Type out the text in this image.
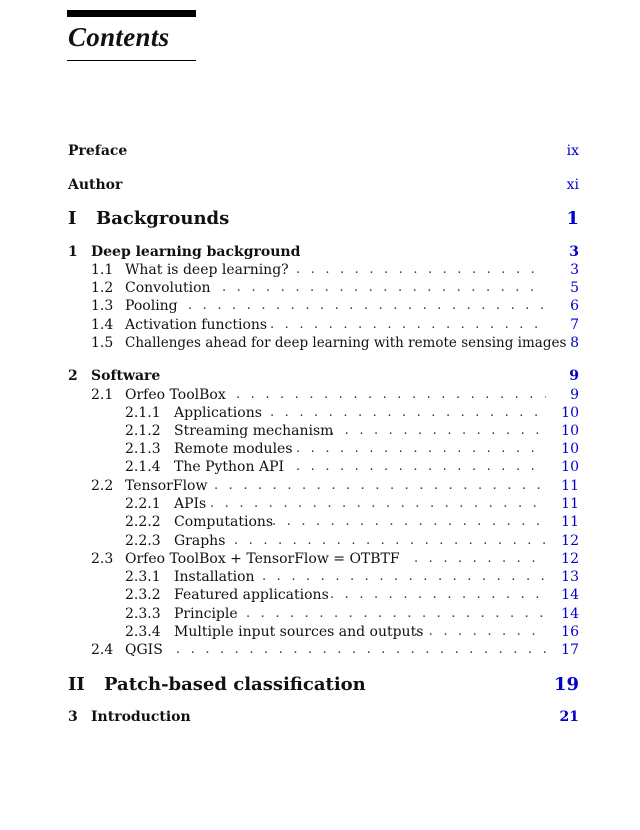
Contents
Preface	ix
Author	xi
I Backgrounds	1
1 Deep learning background	3
1.1 What is deep learning? . . .	3
1.2 Convolution . . .	5
1.3 Pooling . . .	6
1.4 Activation functions . . .	7
1.5 Challenges ahead for deep learning with remote sensing images 8
2 Software	9
2.1 Orfeo ToolBox . . .	9
2.1.1 Applications . . .	10
2.1.2 Streaming mechanism . . .	10
2.1.3 Remote modules . . .	10
2.1.4 The Python API . . .	10
2.2 TensorFlow . . .	11
2.2.1 APIs . . .	11
2.2.2 Computations . . .	11
2.2.3 Graphs . . .	12
2.3 Orfeo ToolBox + TensorFlow = OTBTF . . .	12
2.3.1 Installation . . .	13
2.3.2 Featured applications . . .	14
2.3.3 Principle . . .	14
2.3.4 Multiple input sources and outputs . . .	16
2.4 QGIS . . .	17
II Patch-based classification	19
3 Introduction	21
